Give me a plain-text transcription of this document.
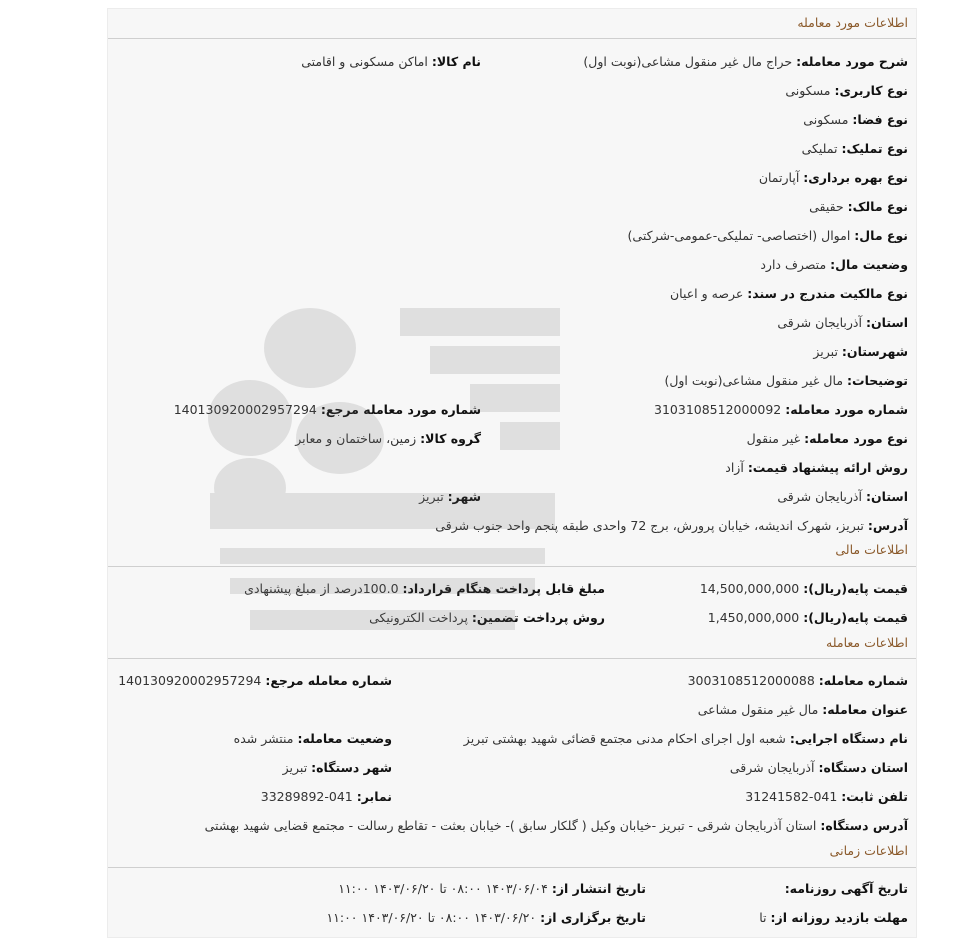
اطلاعات مورد معامله
شرح مورد معامله: حراج مال غیر منقول مشاعی(نوبت اول)
نام کالا: اماکن مسکونی و اقامتی
نوع کاربری: مسکونی
نوع فضا: مسکونی
نوع تملیک: تملیکی
نوع بهره برداری: آپارتمان
نوع مالک: حقیقی
نوع مال: اموال (اختصاصی- تملیکی-عمومی-شرکتی)
وضعیت مال: متصرف دارد
نوع مالکیت مندرج در سند: عرصه و اعیان
استان: آذربایجان شرقی
شهرستان: تبریز
توضیحات: مال غیر منقول مشاعی(نوبت اول)
شماره مورد معامله: 3103108512000092
شماره مورد معامله مرجع: 14013092000295729​4
نوع مورد معامله: غیر منقول
گروه کالا: زمین، ساختمان و معابر
روش ارائه پیشنهاد قیمت: آزاد
استان: آذربایجان شرقی
شهر: تبریز
آدرس: تبریز، شهرک اندیشه، خیابان پرورش، برج 72 واحدی طبقه پنجم واحد جنوب شرقی
اطلاعات مالی
قیمت پایه(ریال): 14,500,000,000
مبلغ قابل پرداخت هنگام قرارداد: 100.0درصد از مبلغ پیشنهادی
قیمت پایه(ریال): 1,450,000,000
روش پرداخت تضمین: پرداخت الکترونیکی
اطلاعات معامله
شماره معامله: 3003108512000088
شماره معامله مرجع: 140130920002957294
عنوان معامله: مال غیر منقول مشاعی
نام دستگاه اجرایی: شعبه اول اجرای احکام مدنی مجتمع قضائی شهید بهشتی تبریز
وضعیت معامله: منتشر شده
استان دستگاه: آذربایجان شرقی
شهر دستگاه: تبریز
تلفن ثابت: 041-31241582
نمابر: 041-33289892
آدرس دستگاه: استان آذربایجان شرقی - تبریز -خیابان وکیل ( گلکار سابق )- خیابان بعثت - تقاطع رسالت - مجتمع قضایی شهید بهشتی
اطلاعات زمانی
تاریخ آگهی روزنامه:
تاریخ انتشار از: ۱۴۰۳/۰۶/۰۴ ۰۸:۰۰ تا ۱۴۰۳/۰۶/۲۰ ۱۱:۰۰
مهلت بازدید روزانه از: تا
تاریخ برگزاری از: ۱۴۰۳/۰۶/۲۰ ۰۸:۰۰ تا ۱۴۰۳/۰۶/۲۰ ۱۱:۰۰
